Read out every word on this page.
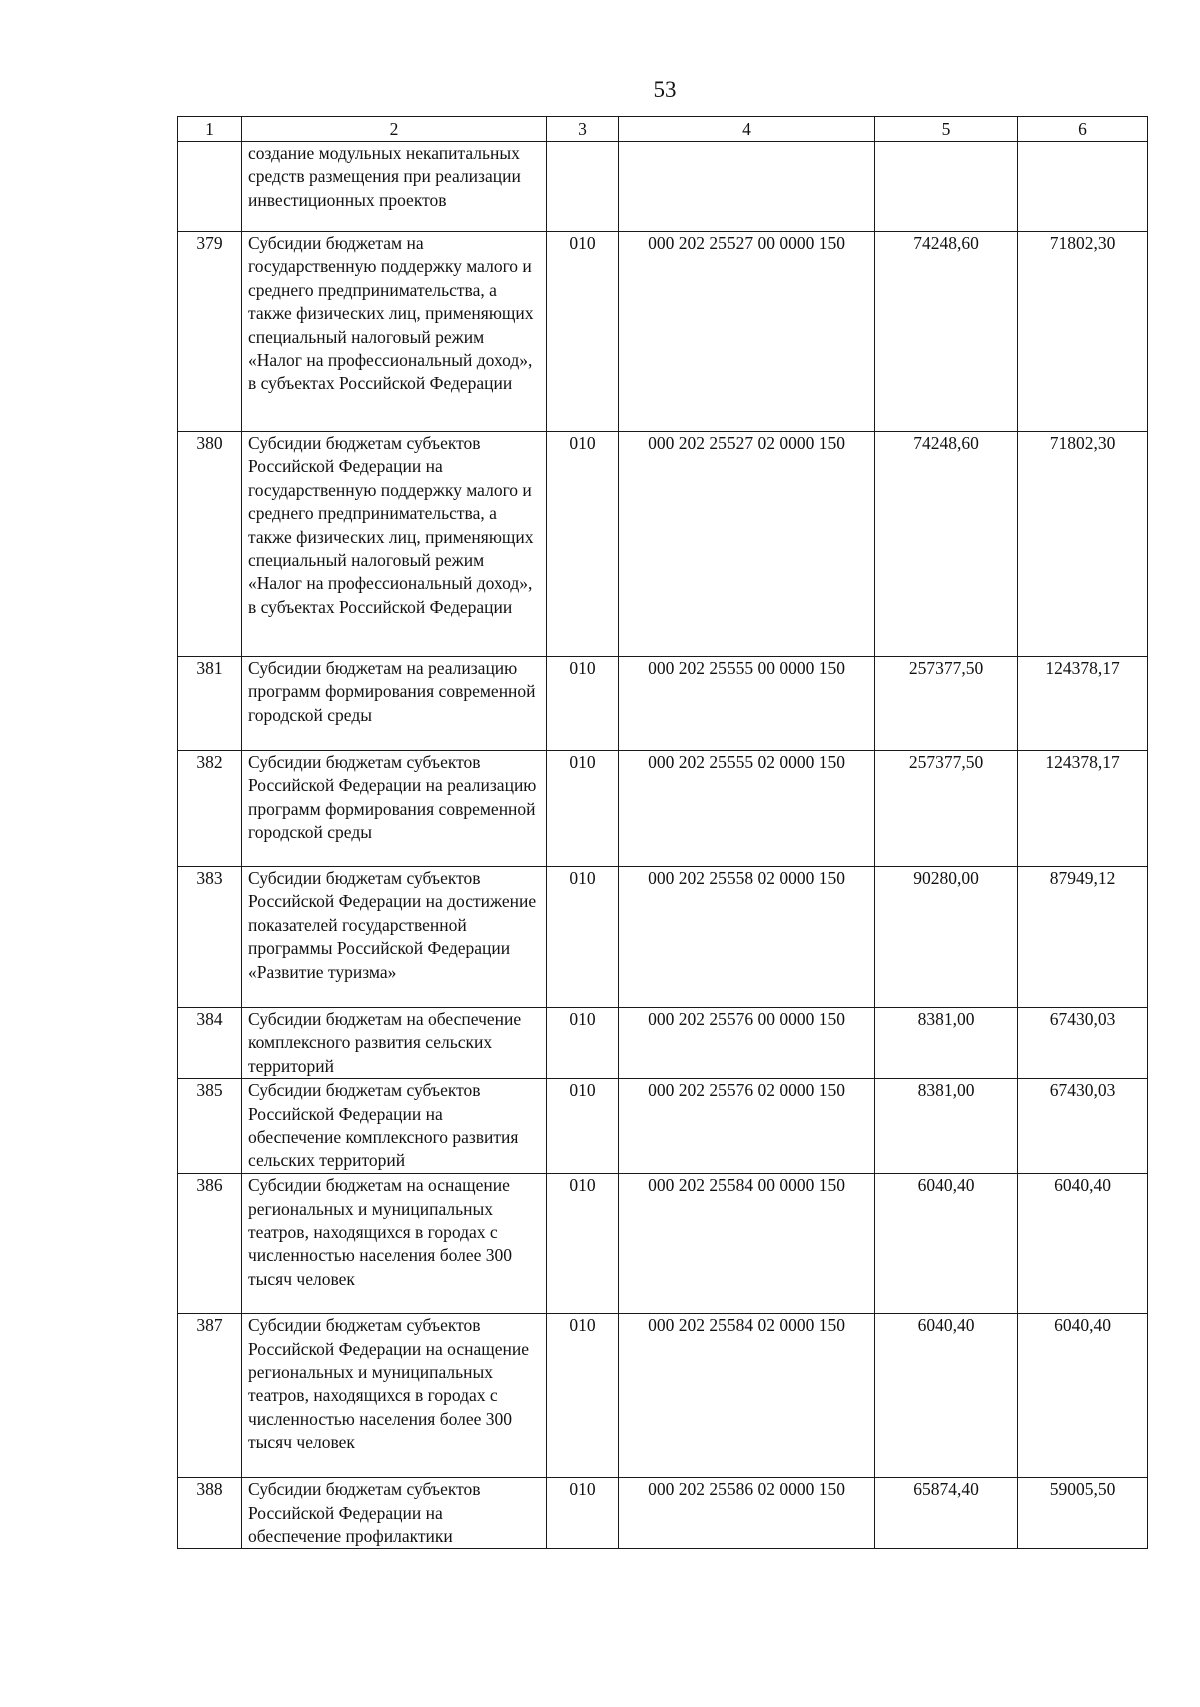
53
1	2	3	4	5	6
	создание модульных некапитальных средств размещения при реализации инвестиционных проектов				
379	Субсидии бюджетам на государственную поддержку малого и среднего предпринимательства, а также физических лиц, применяющих специальный налоговый режим «Налог на профессиональный доход», в субъектах Российской Федерации	010	000 202 25527 00 0000 150	74248,60	71802,30
380	Субсидии бюджетам субъектов Российской Федерации на государственную поддержку малого и среднего предпринимательства, а также физических лиц, применяющих специальный налоговый режим «Налог на профессиональный доход», в субъектах Российской Федерации	010	000 202 25527 02 0000 150	74248,60	71802,30
381	Субсидии бюджетам на реализацию программ формирования современной городской среды	010	000 202 25555 00 0000 150	257377,50	124378,17
382	Субсидии бюджетам субъектов Российской Федерации на реализацию программ формирования современной городской среды	010	000 202 25555 02 0000 150	257377,50	124378,17
383	Субсидии бюджетам субъектов Российской Федерации на достижение показателей государственной программы Российской Федерации «Развитие туризма»	010	000 202 25558 02 0000 150	90280,00	87949,12
384	Субсидии бюджетам на обеспечение комплексного развития сельских территорий	010	000 202 25576 00 0000 150	8381,00	67430,03
385	Субсидии бюджетам субъектов Российской Федерации на обеспечение комплексного развития сельских территорий	010	000 202 25576 02 0000 150	8381,00	67430,03
386	Субсидии бюджетам на оснащение региональных и муниципальных театров, находящихся в городах с численностью населения более 300 тысяч человек	010	000 202 25584 00 0000 150	6040,40	6040,40
387	Субсидии бюджетам субъектов Российской Федерации на оснащение региональных и муниципальных театров, находящихся в городах с численностью населения более 300 тысяч человек	010	000 202 25584 02 0000 150	6040,40	6040,40
388	Субсидии бюджетам субъектов Российской Федерации на обеспечение профилактики	010	000 202 25586 02 0000 150	65874,40	59005,50
